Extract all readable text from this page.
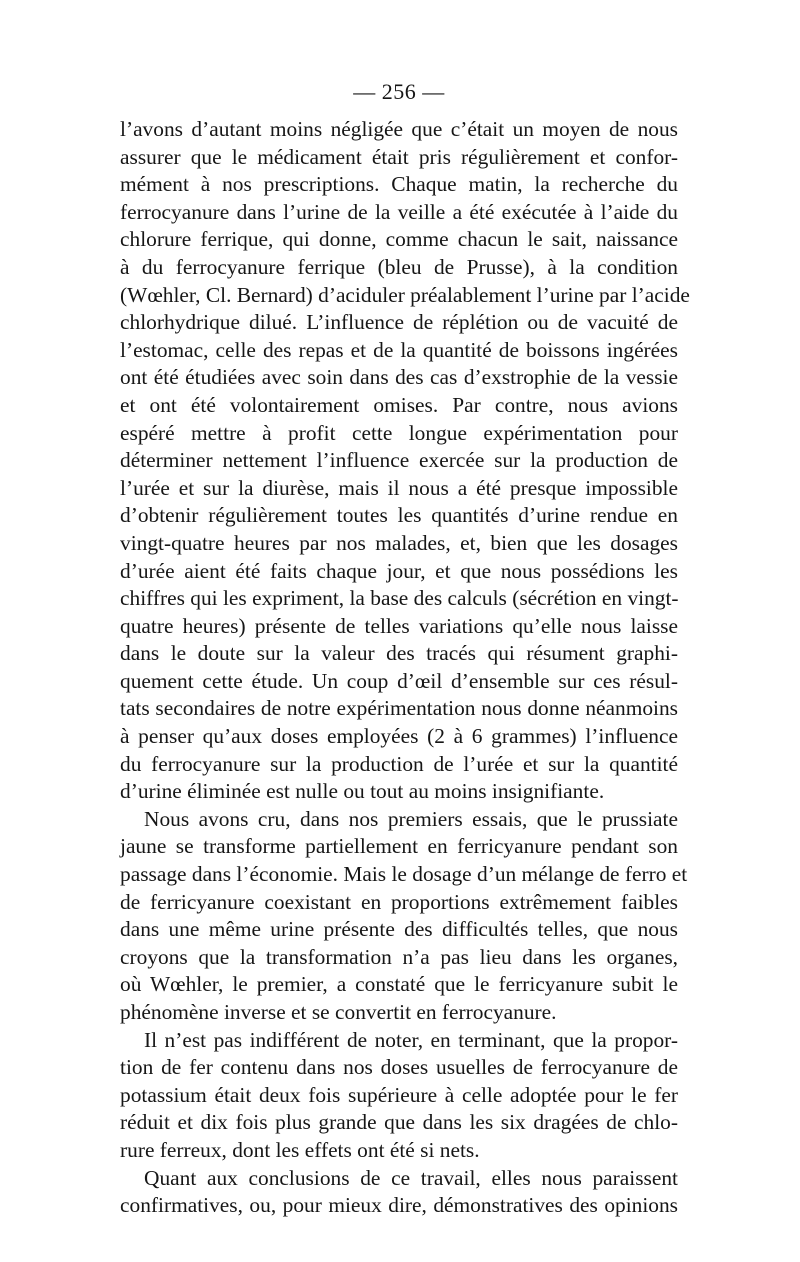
— 256 —
l’avons d’autant moins négligée que c’était un moyen de nous
assurer que le médicament était pris régulièrement et confor-
mément à nos prescriptions. Chaque matin, la recherche du
ferrocyanure dans l’urine de la veille a été exécutée à l’aide du
chlorure ferrique, qui donne, comme chacun le sait, naissance
à du ferrocyanure ferrique (bleu de Prusse), à la condition
(Wœhler, Cl. Bernard) d’aciduler préalablement l’urine par l’acide
chlorhydrique dilué. L’influence de réplétion ou de vacuité de
l’estomac, celle des repas et de la quantité de boissons ingérées
ont été étudiées avec soin dans des cas d’exstrophie de la vessie
et ont été volontairement omises. Par contre, nous avions
espéré mettre à profit cette longue expérimentation pour
déterminer nettement l’influence exercée sur la production de
l’urée et sur la diurèse, mais il nous a été presque impossible
d’obtenir régulièrement toutes les quantités d’urine rendue en
vingt-quatre heures par nos malades, et, bien que les dosages
d’urée aient été faits chaque jour, et que nous possédions les
chiffres qui les expriment, la base des calculs (sécrétion en vingt-
quatre heures) présente de telles variations qu’elle nous laisse
dans le doute sur la valeur des tracés qui résument graphi-
quement cette étude. Un coup d’œil d’ensemble sur ces résul-
tats secondaires de notre expérimentation nous donne néanmoins
à penser qu’aux doses employées (2 à 6 grammes) l’influence
du ferrocyanure sur la production de l’urée et sur la quantité
d’urine éliminée est nulle ou tout au moins insignifiante.
Nous avons cru, dans nos premiers essais, que le prussiate
jaune se transforme partiellement en ferricyanure pendant son
passage dans l’économie. Mais le dosage d’un mélange de ferro et
de ferricyanure coexistant en proportions extrêmement faibles
dans une même urine présente des difficultés telles, que nous
croyons que la transformation n’a pas lieu dans les organes,
où Wœhler, le premier, a constaté que le ferricyanure subit le
phénomène inverse et se convertit en ferrocyanure.
Il n’est pas indifférent de noter, en terminant, que la propor-
tion de fer contenu dans nos doses usuelles de ferrocyanure de
potassium était deux fois supérieure à celle adoptée pour le fer
réduit et dix fois plus grande que dans les six dragées de chlo-
rure ferreux, dont les effets ont été si nets.
Quant aux conclusions de ce travail, elles nous paraissent
confirmatives, ou, pour mieux dire, démonstratives des opinions
